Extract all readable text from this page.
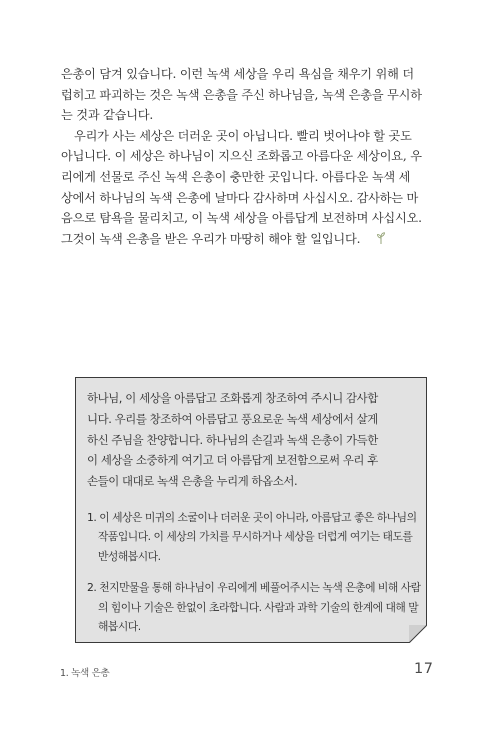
은총이 담겨 있습니다. 이런 녹색 세상을 우리 욕심을 채우기 위해 더
럽히고 파괴하는 것은 녹색 은총을 주신 하나님을, 녹색 은총을 무시하
는 것과 같습니다.

우리가 사는 세상은 더러운 곳이 아닙니다. 빨리 벗어나야 할 곳도
아닙니다. 이 세상은 하나님이 지으신 조화롭고 아름다운 세상이요, 우
리에게 선물로 주신 녹색 은총이 충만한 곳입니다. 아름다운 녹색 세
상에서 하나님의 녹색 은총에 날마다 감사하며 사십시오. 감사하는 마
음으로 탐욕을 물리치고, 이 녹색 세상을 아름답게 보전하며 사십시오.
그것이 녹색 은총을 받은 우리가 마땅히 해야 할 일입니다.

하나님, 이 세상을 아름답고 조화롭게 창조하여 주시니 감사합
니다. 우리를 창조하여 아름답고 풍요로운 녹색 세상에서 살게
하신 주님을 찬양합니다. 하나님의 손길과 녹색 은총이 가득한
이 세상을 소중하게 여기고 더 아름답게 보전함으로써 우리 후
손들이 대대로 녹색 은총을 누리게 하옵소서.
1. 이 세상은 미귀의 소굴이나 더러운 곳이 아니라, 아름답고 좋은 하나님의
작품입니다. 이 세상의 가치를 무시하거나 세상을 더럽게 여기는 태도를
반성해봅시다.
2. 천지만물을 통해 하나님이 우리에게 베풀어주시는 녹색 은총에 비해 사람
의 힘이나 기술은 한없이 초라합니다. 사람과 과학 기술의 한계에 대해 말
해봅시다.
1. 녹색 은총	17
